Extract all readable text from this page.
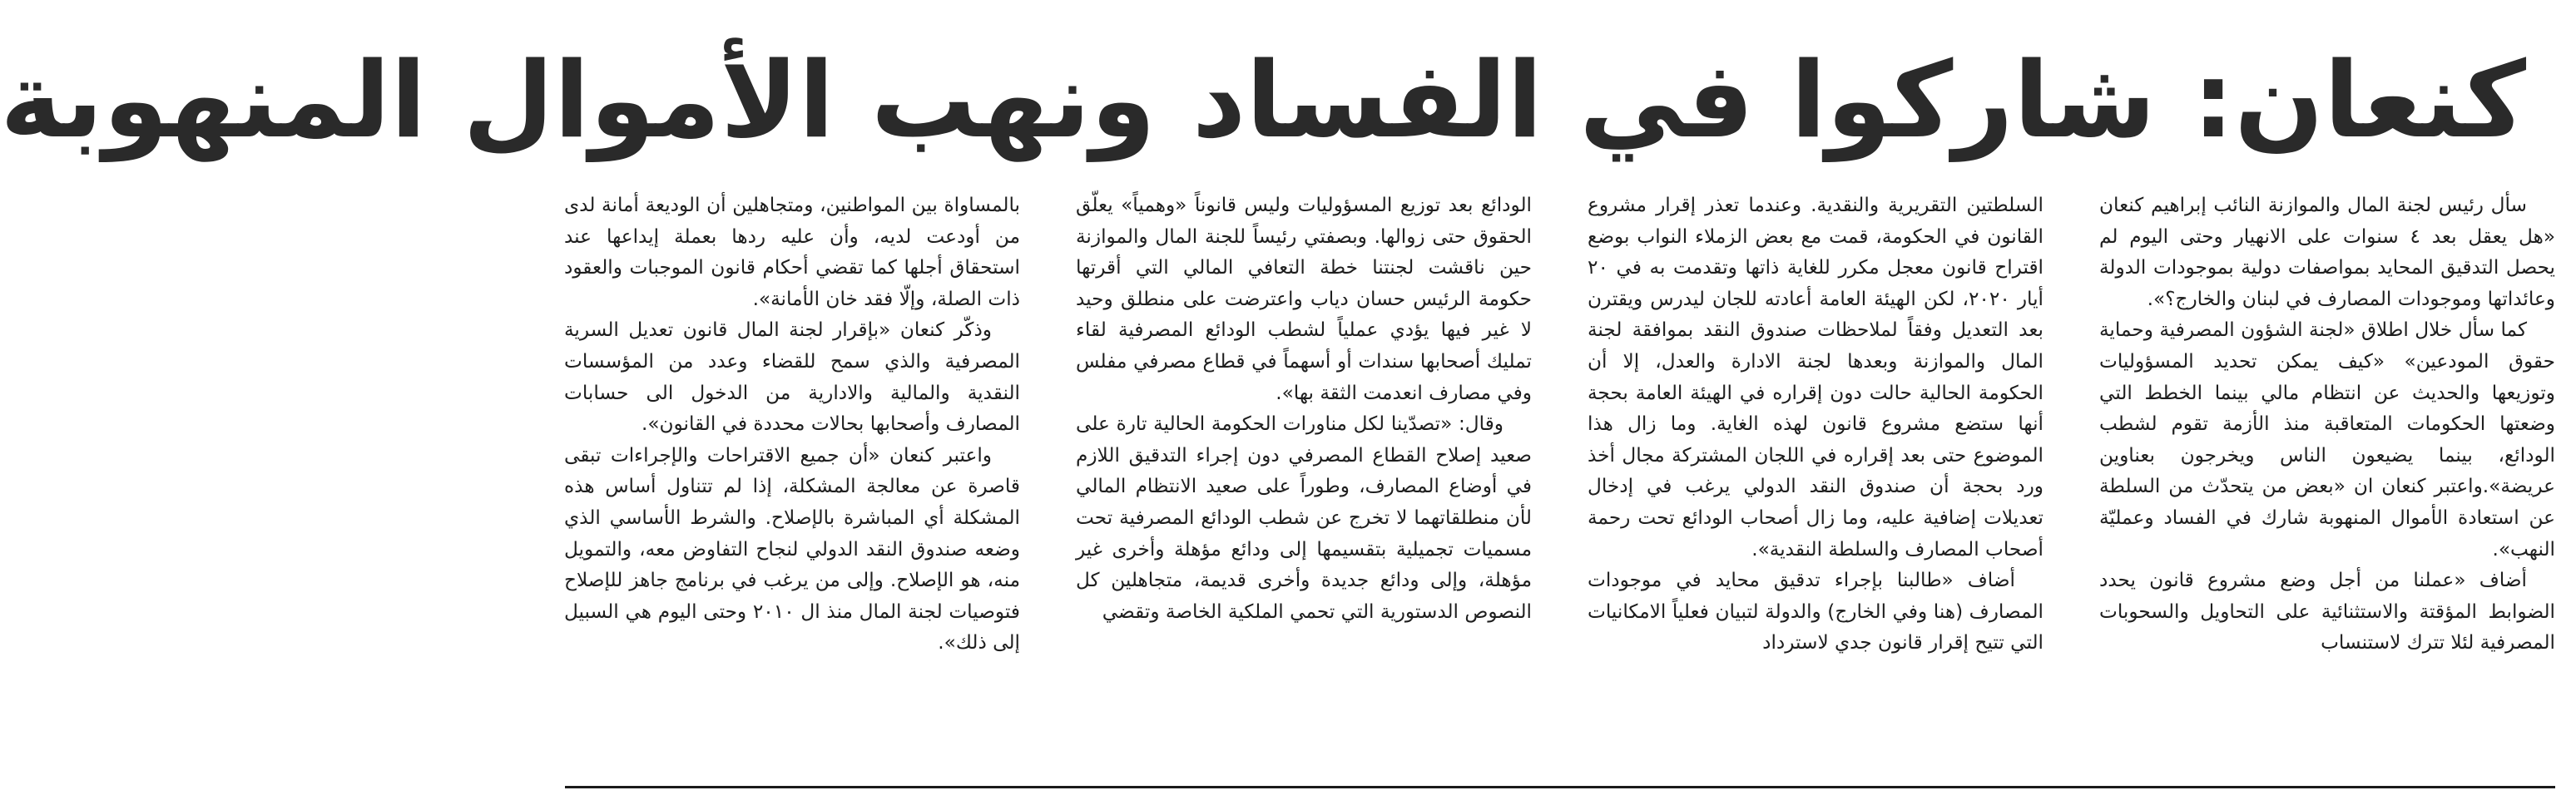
كنعان: شاركوا في الفساد ونهب الأموال المنهوبة

سأل رئيس لجنة المال والموازنة النائب إبراهيم كنعان «هل يعقل بعد ٤ سنوات على الانهيار وحتى اليوم لم يحصل التدقيق المحايد بمواصفات دولية بموجودات الدولة وعائداتها وموجودات المصارف في لبنان والخارج؟».

كما سأل خلال اطلاق «لجنة الشؤون المصرفية وحماية حقوق المودعين» «كيف يمكن تحديد المسؤوليات وتوزيعها والحديث عن انتظام مالي بينما الخطط التي وضعتها الحكومات المتعاقبة منذ الأزمة تقوم لشطب الودائع، بينما يضيعون الناس ويخرجون بعناوين عريضة».واعتبر كنعان ان «بعض من يتحدّث من السلطة عن استعادة الأموال المنهوبة شارك في الفساد وعمليّة النهب».

أضاف «عملنا من أجل وضع مشروع قانون يحدد الضوابط المؤقتة والاستثنائية على التحاويل والسحوبات المصرفية لئلا تترك لاستنساب

السلطتين التقريرية والنقدية. وعندما تعذر إقرار مشروع القانون في الحكومة، قمت مع بعض الزملاء النواب بوضع اقتراح قانون معجل مكرر للغاية ذاتها وتقدمت به في ٢٠ أيار ٢٠٢٠، لكن الهيئة العامة أعادته للجان ليدرس ويقترن بعد التعديل وفقاً لملاحظات صندوق النقد بموافقة لجنة المال والموازنة وبعدها لجنة الادارة والعدل، إلا أن الحكومة الحالية حالت دون إقراره في الهيئة العامة بحجة أنها ستضع مشروع قانون لهذه الغاية. وما زال هذا الموضوع حتى بعد إقراره في اللجان المشتركة مجال أخذ ورد بحجة أن صندوق النقد الدولي يرغب في إدخال تعديلات إضافية عليه، وما زال أصحاب الودائع تحت رحمة أصحاب المصارف والسلطة النقدية».

أضاف «طالبنا بإجراء تدقيق محايد في موجودات المصارف (هنا وفي الخارج) والدولة لتبيان فعلياً الامكانيات التي تتيح إقرار قانون جدي لاسترداد

الودائع بعد توزيع المسؤوليات وليس قانوناً «وهمياً» يعلّق الحقوق حتى زوالها. وبصفتي رئيساً للجنة المال والموازنة حين ناقشت لجنتنا خطة التعافي المالي التي أقرتها حكومة الرئيس حسان دياب واعترضت على منطلق وحيد لا غير فيها يؤدي عملياً لشطب الودائع المصرفية لقاء تمليك أصحابها سندات أو أسهماً في قطاع مصرفي مفلس وفي مصارف انعدمت الثقة بها».

وقال: «تصدّينا لكل مناورات الحكومة الحالية تارة على صعيد إصلاح القطاع المصرفي دون إجراء التدقيق اللازم في أوضاع المصارف، وطوراً على صعيد الانتظام المالي لأن منطلقاتهما لا تخرج عن شطب الودائع المصرفية تحت مسميات تجميلية بتقسيمها إلى ودائع مؤهلة وأخرى غير مؤهلة، وإلى ودائع جديدة وأخرى قديمة، متجاهلين كل النصوص الدستورية التي تحمي الملكية الخاصة وتقضي

بالمساواة بين المواطنين، ومتجاهلين أن الوديعة أمانة لدى من أودعت لديه، وأن عليه ردها بعملة إيداعها عند استحقاق أجلها كما تقضي أحكام قانون الموجبات والعقود ذات الصلة، وإلّا فقد خان الأمانة».

وذكّر كنعان «بإقرار لجنة المال قانون تعديل السرية المصرفية والذي سمح للقضاء وعدد من المؤسسات النقدية والمالية والادارية من الدخول الى حسابات المصارف وأصحابها بحالات محددة في القانون».

واعتبر كنعان «أن جميع الاقتراحات والإجراءات تبقى قاصرة عن معالجة المشكلة، إذا لم تتناول أساس هذه المشكلة أي المباشرة بالإصلاح. والشرط الأساسي الذي وضعه صندوق النقد الدولي لنجاح التفاوض معه، والتمويل منه، هو الإصلاح. وإلى من يرغب في برنامج جاهز للإصلاح فتوصيات لجنة المال منذ ال ٢٠١٠ وحتى اليوم هي السبيل إلى ذلك».
